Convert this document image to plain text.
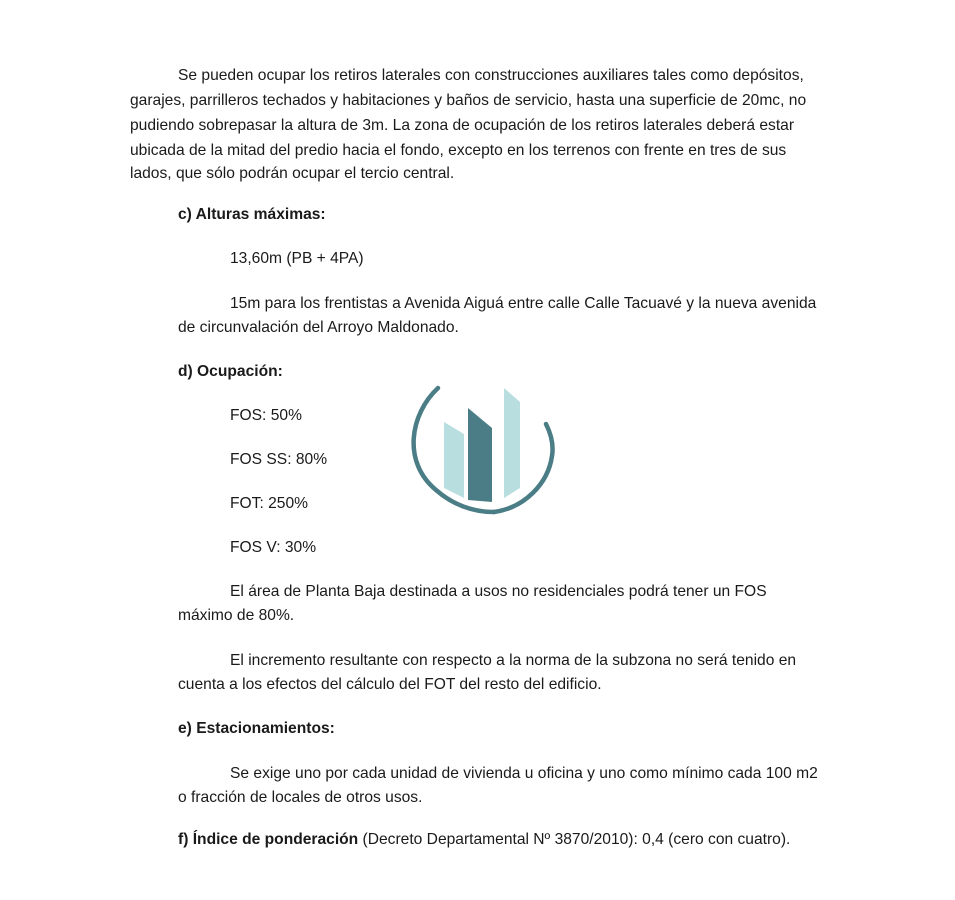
Se pueden ocupar los retiros laterales con construcciones auxiliares tales como depósitos,
garajes, parrilleros techados y habitaciones y baños de servicio, hasta una superficie de 20mc, no
pudiendo sobrepasar la altura de 3m. La zona de ocupación de los retiros laterales deberá estar
ubicada de la mitad del predio hacia el fondo, excepto en los terrenos con frente en tres de sus
lados, que sólo podrán ocupar el tercio central.
c) Alturas máximas:
13,60m (PB + 4PA)
15m para los frentistas a Avenida Aiguá entre calle Calle Tacuavé y la nueva avenida
de circunvalación del Arroyo Maldonado.
d) Ocupación:
FOS: 50%
FOS SS: 80%
FOT: 250%
FOS V: 30%
El área de Planta Baja destinada a usos no residenciales podrá tener un FOS
máximo de 80%.
El incremento resultante con respecto a la norma de la subzona no será tenido en
cuenta a los efectos del cálculo del FOT del resto del edificio.
e) Estacionamientos:
Se exige uno por cada unidad de vivienda u oficina y uno como mínimo cada 100 m2
o fracción de locales de otros usos.
f) Índice de ponderación (Decreto Departamental Nº 3870/2010): 0,4 (cero con cuatro).
